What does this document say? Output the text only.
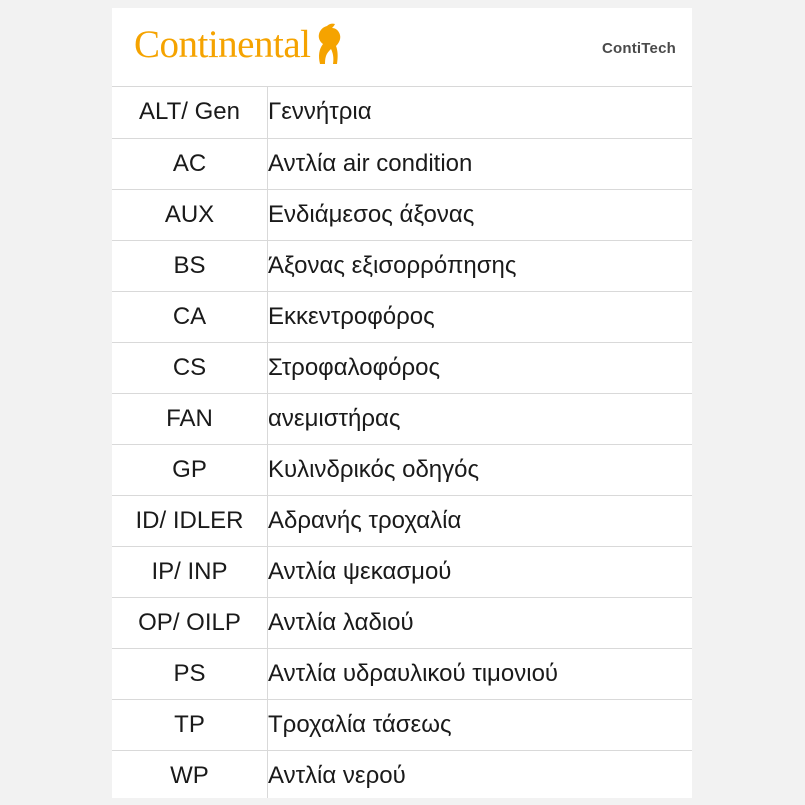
Continental	ContiTech
ALT/ Gen	Γεννήτρια
AC	Αντλία air condition
AUX	Ενδιάμεσος άξονας
BS	Άξονας εξισορρόπησης
CA	Εκκεντροφόρος
CS	Στροφαλοφόρος
FAN	ανεμιστήρας
GP	Κυλινδρικός οδηγός
ID/ IDLER	Αδρανής τροχαλία
IP/ INP	Αντλία ψεκασμού
OP/ OILP	Αντλία λαδιού
PS	Αντλία υδραυλικού τιμονιού
TP	Τροχαλία τάσεως
WP	Αντλία νερού
